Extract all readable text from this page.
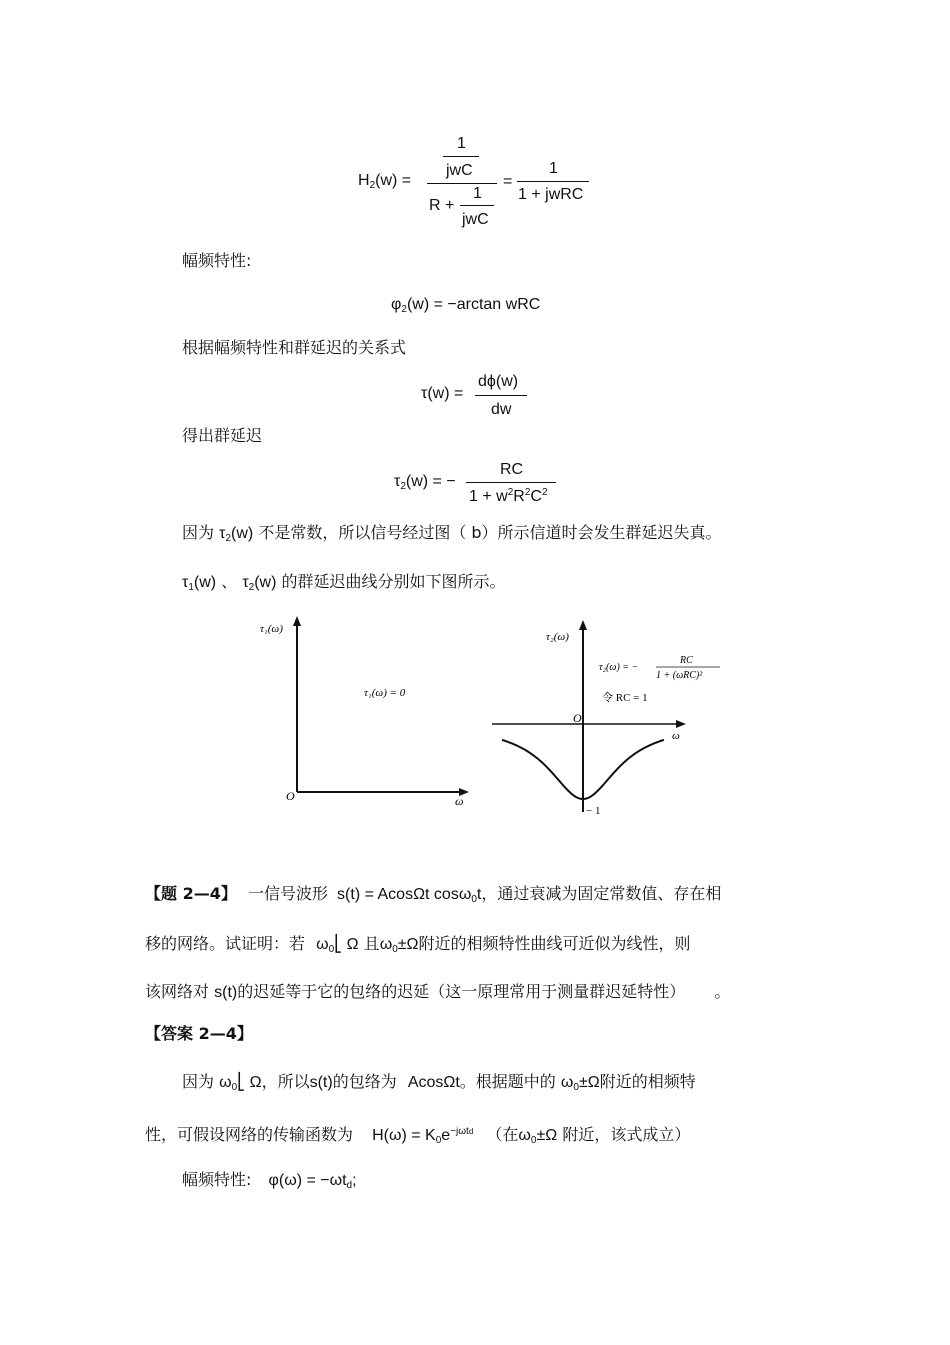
$H_2(w)$ =
1
jwC
R +
1
jwC
=
1
1 + jwRC
幅频特性:
$\varphi_2(w) = -\arctan$ wRC
根据幅频特性和群延迟的关系式
τ(w) =
dϕ(w)
dw
得出群延迟
$\tau_2(w)$ = −
RC
$1 + w^2R^2C^2$
因为 $\tau_2(w)$ 不是常数，所以信号经过图（ b）所示信道时会发生群延迟失真。
$\tau_1(w)$ 、 $\tau_2(w)$ 的群延迟曲线分别如下图所示。
τ₁(ω)
τ₁(ω) = 0
O	ω
τ₂(ω)
τ₂(ω) = −
RC
1 + (ωRC)²
令 RC = 1
O
ω
− 1
【题 2—4】 一信号波形 s(t) = AcosΩt cosω$_0$t，通过衰减为固定常数值、存在相
移的网络。试证明：若 $\omega_0⎣$ Ω 且$\omega_0\pm\Omega$附近的相频特性曲线可近似为线性，则
该网络对 s(t)的迟延等于它的包络的迟延（这一原理常用于测量群迟延特性） 。
【答案 2—4】
因为 $\omega_0⎣$ Ω，所以s(t)的包络为 AcosΩt。根据题中的 $\omega_0\pm\Omega$附近的相频特
性，可假设网络的传输函数为 $H(\omega) = K_0e^{-j\omega td}$ （在$\omega_0\pm\Omega$ 附近，该式成立）
幅频特性: $\varphi(\omega) = -\omega t_d$;
